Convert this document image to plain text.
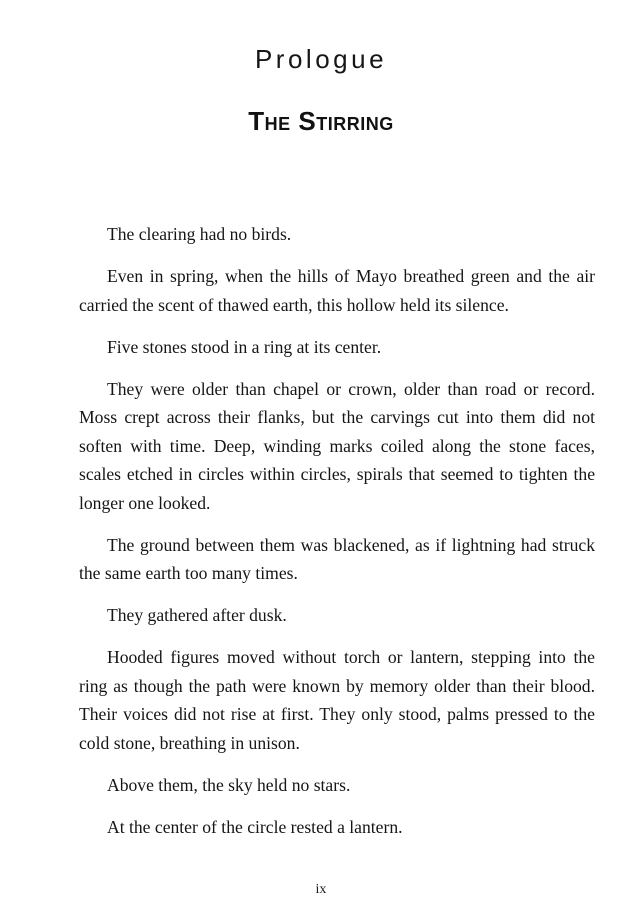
Prologue
The Stirring

The clearing had no birds.

Even in spring, when the hills of Mayo breathed green and the air carried the scent of thawed earth, this hollow held its silence.

Five stones stood in a ring at its center.

They were older than chapel or crown, older than road or record. Moss crept across their flanks, but the carvings cut into them did not soften with time. Deep, winding marks coiled along the stone faces, scales etched in circles within circles, spirals that seemed to tighten the longer one looked.

The ground between them was blackened, as if lightning had struck the same earth too many times.

They gathered after dusk.

Hooded figures moved without torch or lantern, stepping into the ring as though the path were known by memory older than their blood. Their voices did not rise at first. They only stood, palms pressed to the cold stone, breathing in unison.

Above them, the sky held no stars.

At the center of the circle rested a lantern.

ix
